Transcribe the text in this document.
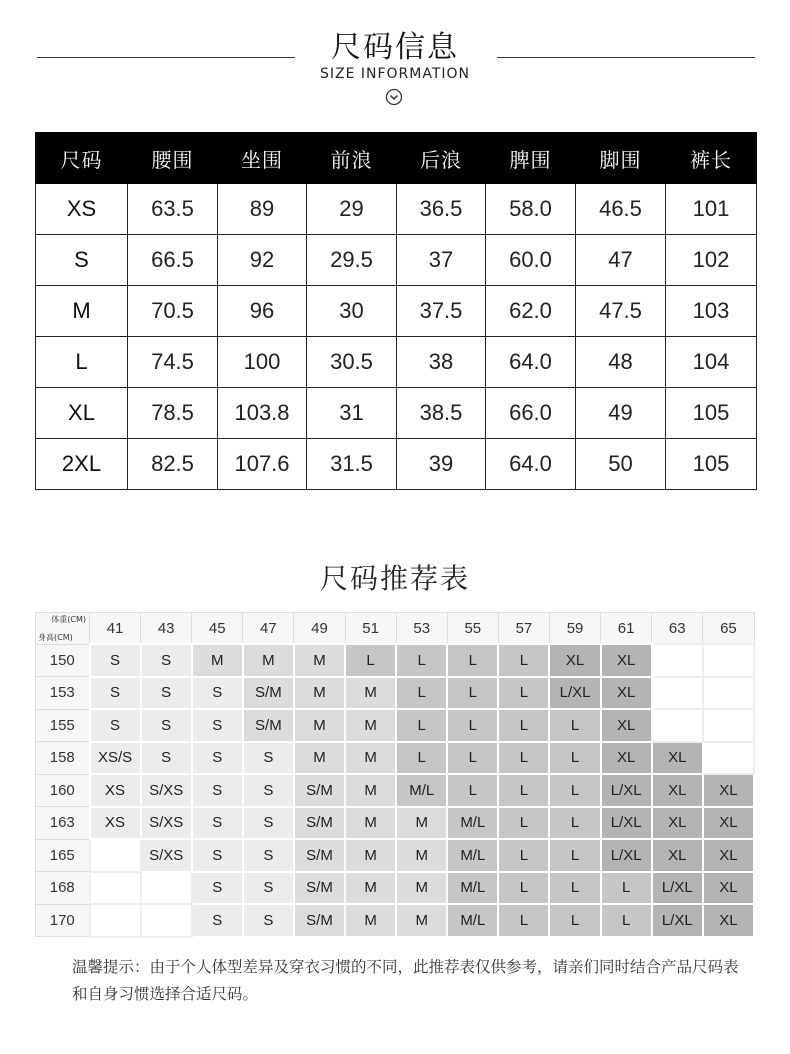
尺码信息
SIZE INFORMATION
尺码	腰围	坐围	前浪	后浪	脾围	脚围	裤长
XS	63.5	89	29	36.5	58.0	46.5	101
S	66.5	92	29.5	37	60.0	47	102
M	70.5	96	30	37.5	62.0	47.5	103
L	74.5	100	30.5	38	64.0	48	104
XL	78.5	103.8	31	38.5	66.0	49	105
2XL	82.5	107.6	31.5	39	64.0	50	105
尺码推荐表
体重(CM)
身高(CM)	41	43	45	47	49	51	53	55	57	59	61	63	65
150	S	S	M	M	M	L	L	L	L	XL	XL		
153	S	S	S	S/M	M	M	L	L	L	L/XL	XL		
155	S	S	S	S/M	M	M	L	L	L	L	XL		
158	XS/S	S	S	S	M	M	L	L	L	L	XL	XL	
160	XS	S/XS	S	S	S/M	M	M/L	L	L	L	L/XL	XL	XL
163	XS	S/XS	S	S	S/M	M	M	M/L	L	L	L/XL	XL	XL
165		S/XS	S	S	S/M	M	M	M/L	L	L	L/XL	XL	XL
168			S	S	S/M	M	M	M/L	L	L	L	L/XL	XL
170			S	S	S/M	M	M	M/L	L	L	L	L/XL	XL
温馨提示：由于个人体型差异及穿衣习惯的不同，此推荐表仅供参考，请亲们同时结合产品尺码表和自身习惯选择合适尺码。
